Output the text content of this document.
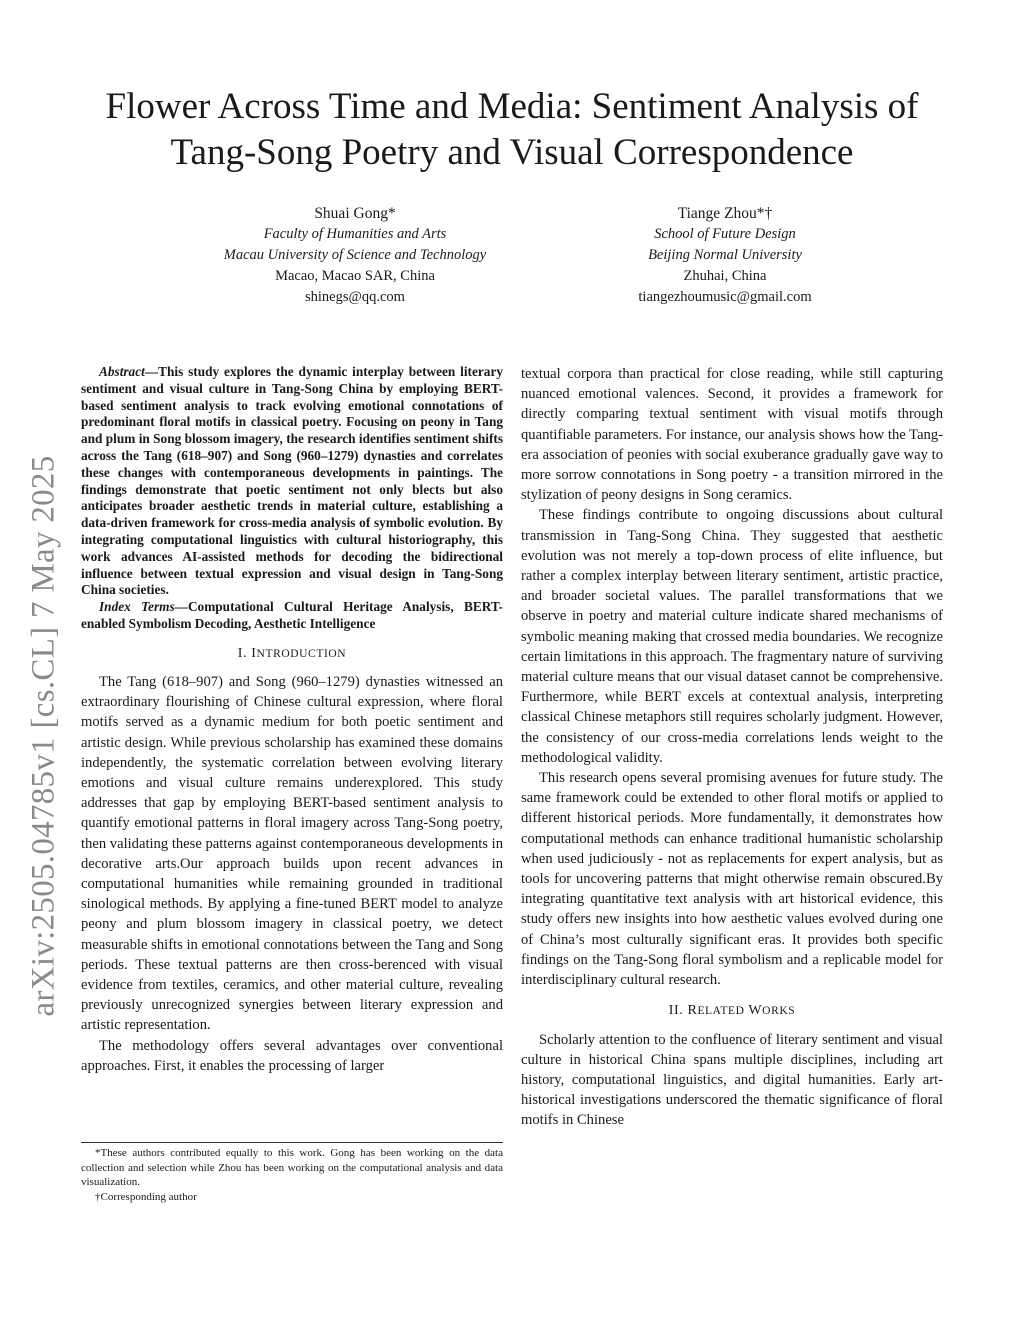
arXiv:2505.04785v1 [cs.CL] 7 May 2025
Flower Across Time and Media: Sentiment Analysis of Tang-Song Poetry and Visual Correspondence
Shuai Gong*
Faculty of Humanities and Arts
Macau University of Science and Technology
Macao, Macao SAR, China
shinegs@qq.com
Tiange Zhou*†
School of Future Design
Beijing Normal University
Zhuhai, China
tiangezhoumusic@gmail.com

Abstract—This study explores the dynamic interplay between literary sentiment and visual culture in Tang-Song China by employing BERT-based sentiment analysis to track evolving emotional connotations of predominant floral motifs in classical poetry. Focusing on peony in Tang and plum in Song blossom imagery, the research identifies sentiment shifts across the Tang (618–907) and Song (960–1279) dynasties and correlates these changes with contemporaneous developments in paintings. The findings demonstrate that poetic sentiment not only blects but also anticipates broader aesthetic trends in material culture, establishing a data-driven framework for cross-media analysis of symbolic evolution. By integrating computational linguistics with cultural historiography, this work advances AI-assisted methods for decoding the bidirectional influence between textual expression and visual design in Tang-Song China societies.

Index Terms—Computational Cultural Heritage Analysis, BERT-enabled Symbolism Decoding, Aesthetic Intelligence

I. INTRODUCTION

The Tang (618–907) and Song (960–1279) dynasties witnessed an extraordinary flourishing of Chinese cultural expression, where floral motifs served as a dynamic medium for both poetic sentiment and artistic design. While previous scholarship has examined these domains independently, the systematic correlation between evolving literary emotions and visual culture remains underexplored. This study addresses that gap by employing BERT-based sentiment analysis to quantify emotional patterns in floral imagery across Tang-Song poetry, then validating these patterns against contemporaneous developments in decorative arts.Our approach builds upon recent advances in computational humanities while remaining grounded in traditional sinological methods. By applying a fine-tuned BERT model to analyze peony and plum blossom imagery in classical poetry, we detect measurable shifts in emotional connotations between the Tang and Song periods. These textual patterns are then cross-berenced with visual evidence from textiles, ceramics, and other material culture, revealing previously unrecognized synergies between literary expression and artistic representation.

The methodology offers several advantages over conventional approaches. First, it enables the processing of larger

textual corpora than practical for close reading, while still capturing nuanced emotional valences. Second, it provides a framework for directly comparing textual sentiment with visual motifs through quantifiable parameters. For instance, our analysis shows how the Tang-era association of peonies with social exuberance gradually gave way to more sorrow connotations in Song poetry - a transition mirrored in the stylization of peony designs in Song ceramics.

These findings contribute to ongoing discussions about cultural transmission in Tang-Song China. They suggested that aesthetic evolution was not merely a top-down process of elite influence, but rather a complex interplay between literary sentiment, artistic practice, and broader societal values. The parallel transformations that we observe in poetry and material culture indicate shared mechanisms of symbolic meaning making that crossed media boundaries. We recognize certain limitations in this approach. The fragmentary nature of surviving material culture means that our visual dataset cannot be comprehensive. Furthermore, while BERT excels at contextual analysis, interpreting classical Chinese metaphors still requires scholarly judgment. However, the consistency of our cross-media correlations lends weight to the methodological validity.

This research opens several promising avenues for future study. The same framework could be extended to other floral motifs or applied to different historical periods. More fundamentally, it demonstrates how computational methods can enhance traditional humanistic scholarship when used judiciously - not as replacements for expert analysis, but as tools for uncovering patterns that might otherwise remain obscured.By integrating quantitative text analysis with art historical evidence, this study offers new insights into how aesthetic values evolved during one of China’s most culturally significant eras. It provides both specific findings on the Tang-Song floral symbolism and a replicable model for interdisciplinary cultural research.

II. RELATED WORKS

Scholarly attention to the confluence of literary sentiment and visual culture in historical China spans multiple disciplines, including art history, computational linguistics, and digital humanities. Early art-historical investigations underscored the thematic significance of floral motifs in Chinese

*These authors contributed equally to this work. Gong has been working on the data collection and selection while Zhou has been working on the computational analysis and data visualization.

†Corresponding author
